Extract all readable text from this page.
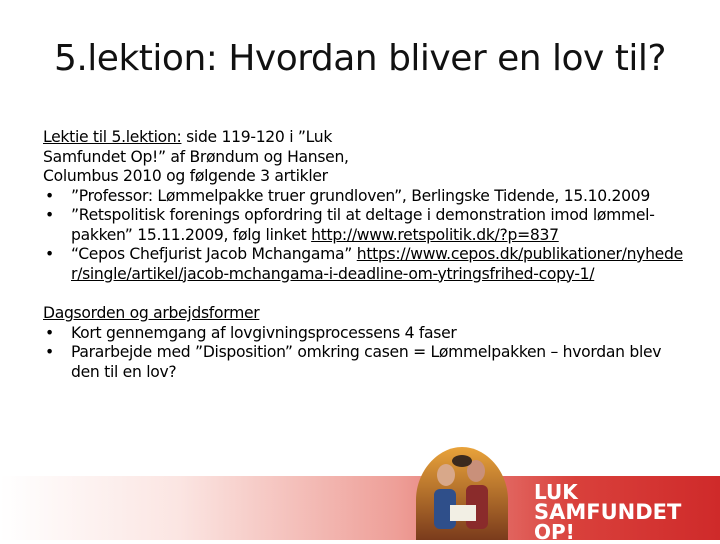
5.lektion: Hvordan bliver en lov til?
Lektie til 5.lektion: side 119-120 i ”Luk
Samfundet Op!” af Brøndum og Hansen,
Columbus 2010 og følgende 3 artikler
• ”Professor: Lømmelpakke truer grundloven”, Berlingske Tidende, 15.10.2009
• ”Retspolitisk forenings opfordring til at deltage i demonstration imod lømmel-pakken” 15.11.2009, følg linket http://www.retspolitik.dk/?p=837
• “Cepos Chefjurist Jacob Mchangama” https://www.cepos.dk/publikationer/nyheder/single/artikel/jacob-mchangama-i-deadline-om-ytringsfrihed-copy-1/
Dagsorden og arbejdsformer
• Kort gennemgang af lovgivningsprocessens 4 faser
• Pararbejde med ”Disposition” omkring casen = Lømmelpakken – hvordan blev den til en lov?
LUK
SAMFUNDET
OP!
